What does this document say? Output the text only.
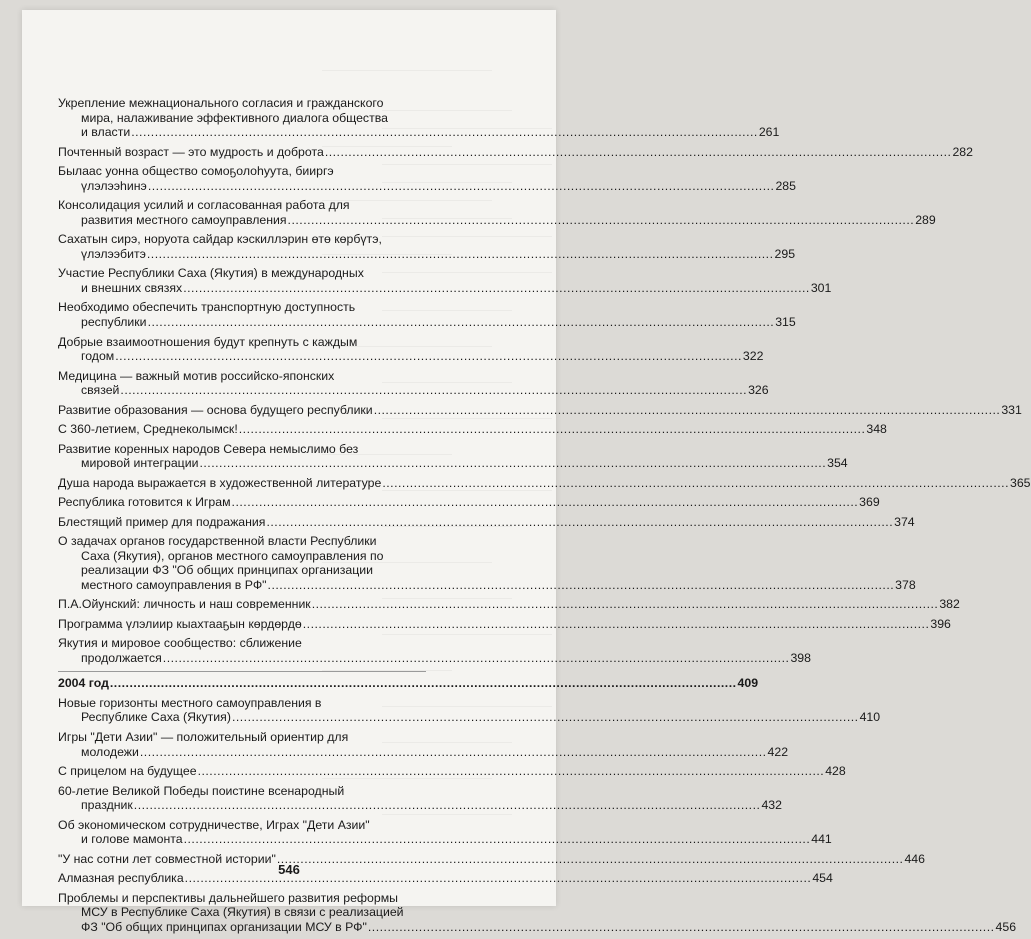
Укрепление межнационального согласия и гражданского
мира, налаживание эффективного диалога общества
и власти .....	261
Почтенный возраст — это мудрость и доброта .....	282
Былаас уонна общество сомоҕолоһуута, бииргэ
үлэлээһинэ .....	285
Консолидация усилий и согласованная работа для
развития местного самоуправления .....	289
Сахатын сирэ, норуота сайдар кэскиллэрин өтө көрбүтэ,
үлэлээбитэ .....	295
Участие Республики Саха (Якутия) в международных
и внешних связях .....	301
Необходимо обеспечить транспортную доступность
республики .....	315
Добрые взаимоотношения будут крепнуть с каждым
годом .....	322
Медицина — важный мотив российско-японских
связей .....	326
Развитие образования — основа будущего республики .....	331
С 360-летием, Среднеколымск! .....	348
Развитие коренных народов Севера немыслимо без
мировой интеграции .....	354
Душа народа выражается в художественной литературе .....	365
Республика готовится к Играм .....	369
Блестящий пример для подражания .....	374
О задачах органов государственной власти Республики
Саха (Якутия), органов местного самоуправления по
реализации ФЗ "Об общих принципах организации
местного самоуправления в РФ" .....	378
П.А.Ойунский: личность и наш современник .....	382
Программа үлэлиир кыахтааҕын көрдөрдө .....	396
Якутия и мировое сообщество: сближение
продолжается .....	398
2004 год .....	409
Новые горизонты местного самоуправления в
Республике Саха (Якутия) .....	410
Игры "Дети Азии" — положительный ориентир для
молодежи .....	422
С прицелом на будущее .....	428
60-летие Великой Победы поистине всенародный
праздник .....	432
Об экономическом сотрудничестве, Играх "Дети Азии"
и голове мамонта .....	441
"У нас сотни лет совместной истории" .....	446
Алмазная республика .....	454
Проблемы и перспективы дальнейшего развития реформы
МСУ в Республике Саха (Якутия) в связи с реализацией
ФЗ "Об общих принципах организации МСУ в РФ" .....	456
546
